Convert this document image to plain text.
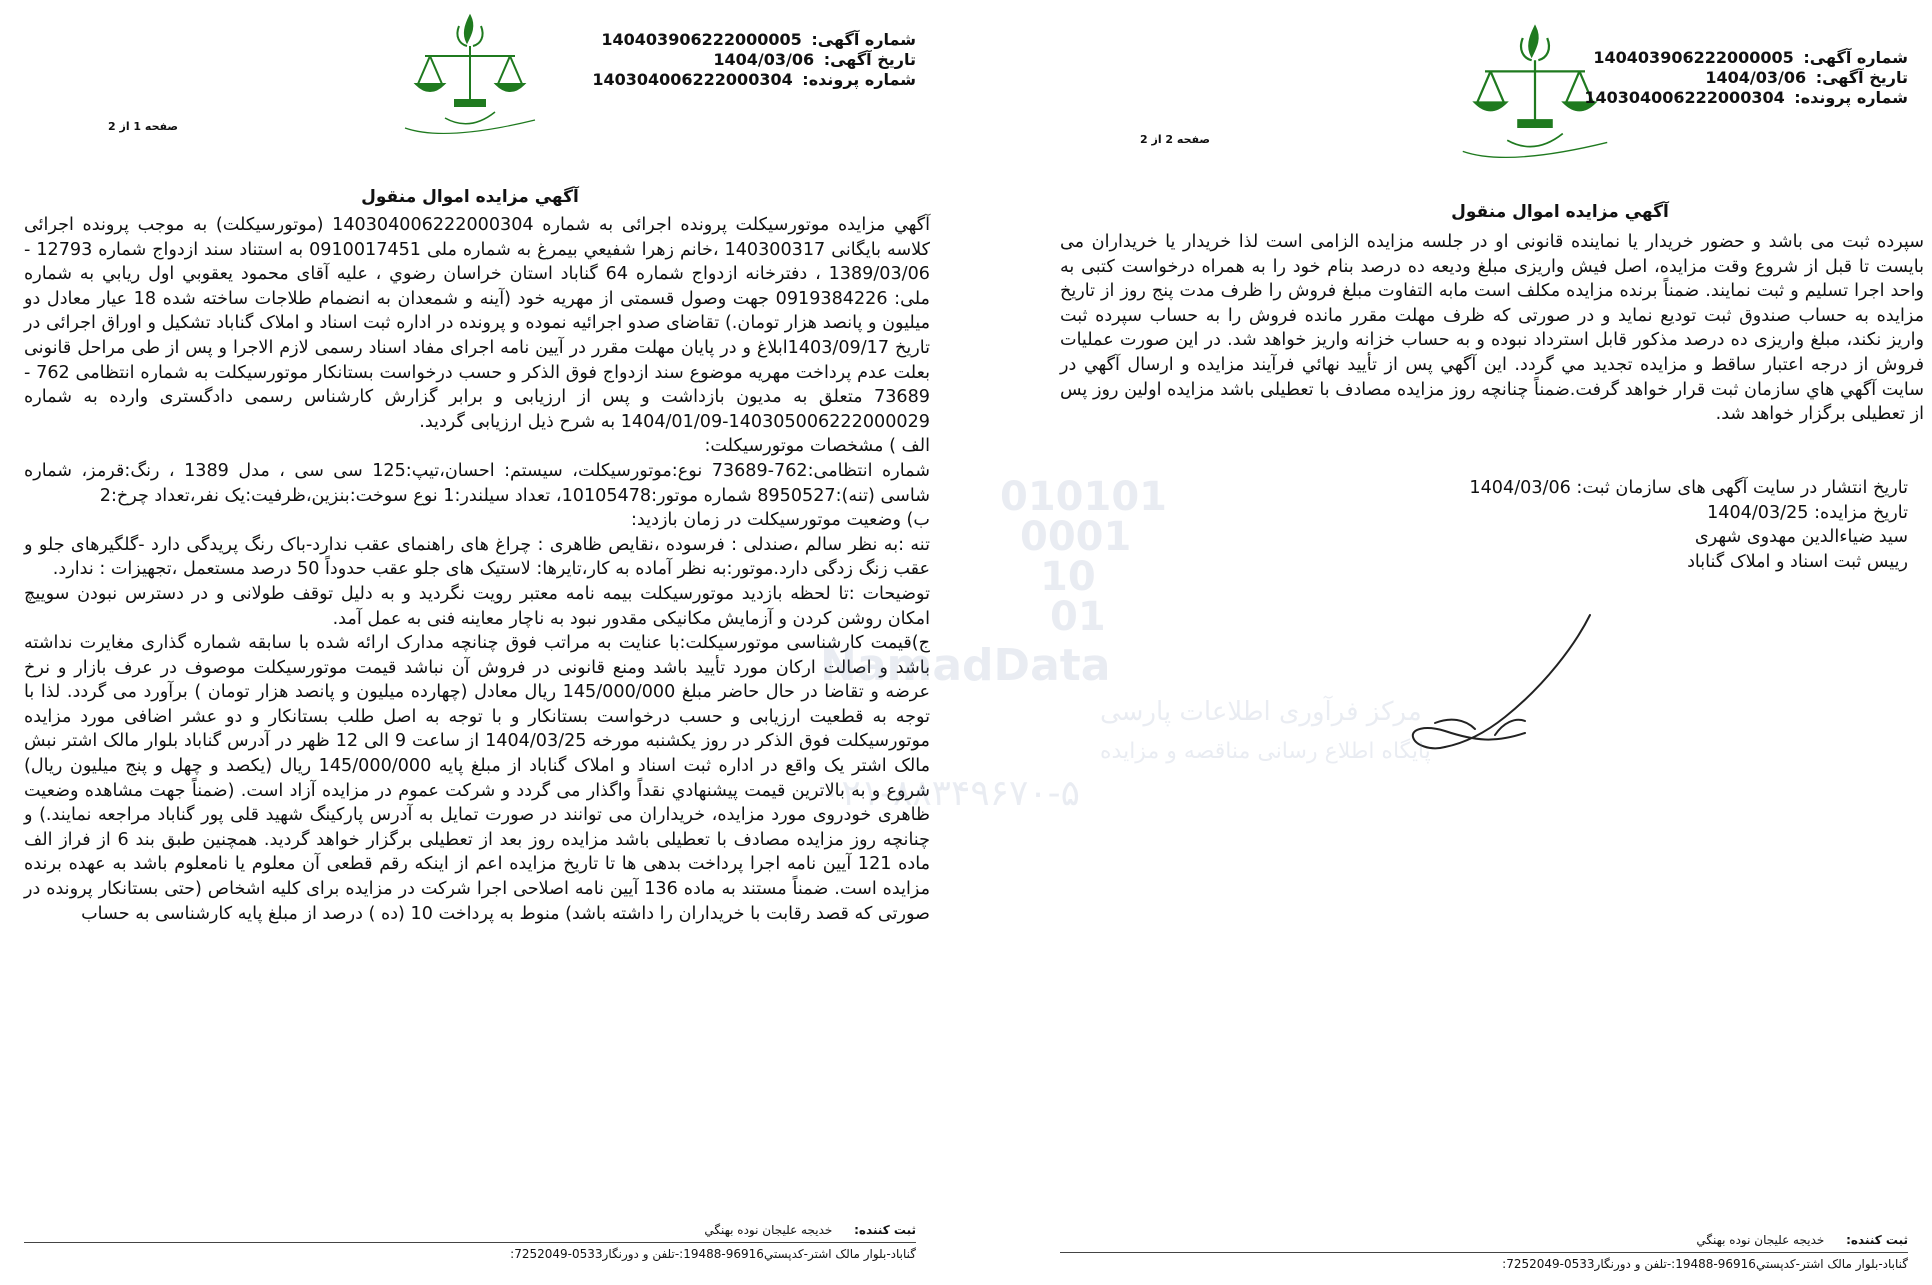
شماره آگهی: 140403906222000005
تاریخ آگهی: 1404/03/06
شماره پرونده: 140304006222000304
صفحه 1 از 2
آگهي مزايده اموال منقول

آگهي مزايده موتورسيکلت پرونده اجرائی به شماره 140304006222000304 (موتورسيکلت) به موجب پرونده اجرائی کلاسه بايگانی 140300317 ،خانم زهرا شفيعي بيمرغ به شماره ملی 0910017451 به استناد سند ازدواج شماره 12793 - 1389/03/06 ، دفترخانه ازدواج شماره 64 گناباد استان خراسان رضوي ، عليه آقای محمود يعقوبي اول ريابي به شماره ملی: 0919384226 جهت وصول قسمتی از مهريه خود (آينه و شمعدان به انضمام طلاجات ساخته شده 18 عيار معادل دو ميليون و پانصد هزار تومان.) تقاضای صدو اجرائيه نموده و پرونده در اداره ثبت اسناد و املاک گناباد تشکيل و اوراق اجرائی در تاريخ 1403/09/17ابلاغ و در پايان مهلت مقرر در آيين نامه اجرای مفاد اسناد رسمی لازم الاجرا و پس از طی مراحل قانونی بعلت عدم پرداخت مهريه موضوع سند ازدواج فوق الذکر و حسب درخواست بستانکار موتورسيکلت به شماره انتظامی 762 - 73689 متعلق به مديون بازداشت و پس از ارزيابی و برابر گزارش کارشناس رسمی دادگستری وارده به شماره 140305006222000029-1404/01/09 به شرح ذيل ارزيابی گرديد.

الف ) مشخصات موتورسيکلت:

شماره انتظامی:762-73689 نوع:موتورسيکلت، سيستم: احسان،تيپ:125 سی سی ، مدل 1389 ، رنگ:قرمز، شماره شاسی (تنه):8950527 شماره موتور:10105478، تعداد سيلندر:1 نوع سوخت:بنزين،ظرفيت:يک نفر،تعداد چرخ:2

ب) وضعيت موتورسيکلت در زمان بازديد:

تنه :به نظر سالم ،صندلی : فرسوده ،نقايص ظاهری : چراغ های راهنمای عقب ندارد-باک رنگ پريدگی دارد -گلگيرهای جلو و عقب زنگ زدگی دارد.موتور:به نظر آماده به کار،تايرها: لاستيک های جلو عقب حدوداً 50 درصد مستعمل ،تجهيزات : ندارد.

توضيحات :تا لحظه بازديد موتورسيکلت بيمه نامه معتبر رويت نگرديد و به دليل توقف طولانی و در دسترس نبودن سوييچ امکان روشن کردن و آزمايش مکانيکی مقدور نبود به ناچار معاينه فنی به عمل آمد.

ج)قيمت کارشناسی موتورسيکلت:با عنايت به مراتب فوق چنانچه مدارک ارائه شده با سابقه شماره گذاری مغايرت نداشته باشد و اصالت ارکان مورد تأييد باشد ومنع قانونی در فروش آن نباشد قيمت موتورسيکلت موصوف در عرف بازار و نرخ عرضه و تقاضا در حال حاضر مبلغ 145/000/000 ريال معادل (چهارده ميليون و پانصد هزار تومان ) برآورد می گردد. لذا با توجه به قطعيت ارزيابی و حسب درخواست بستانکار و با توجه به اصل طلب بستانکار و دو عشر اضافی مورد مزايده موتورسيکلت فوق الذکر در روز يکشنبه مورخه 1404/03/25 از ساعت 9 الی 12 ظهر در آدرس گناباد بلوار مالک اشتر نبش مالک اشتر يک واقع در اداره ثبت اسناد و املاک گناباد از مبلغ پايه 145/000/000 ريال (يکصد و چهل و پنج ميليون ريال) شروع و به بالاترين قيمت پيشنهادي نقداً واگذار می گردد و شرکت عموم در مزايده آزاد است. (ضمناً جهت مشاهده وضعيت ظاهری خودروی مورد مزايده، خريداران می توانند در صورت تمايل به آدرس پارکينگ شهيد قلی پور گناباد مراجعه نمايند.) و چنانچه روز مزايده مصادف با تعطيلی باشد مزايده روز بعد از تعطيلی برگزار خواهد گرديد. همچنين طبق بند 6 از فراز الف ماده 121 آيين نامه اجرا پرداخت بدهی ها تا تاريخ مزايده اعم از اينکه رقم قطعی آن معلوم يا نامعلوم باشد به عهده برنده مزايده است. ضمناً مستند به ماده 136 آيين نامه اصلاحی اجرا شرکت در مزايده برای کليه اشخاص (حتی بستانکار پرونده در صورتی که قصد رقابت با خريداران را داشته باشد) منوط به پرداخت 10 (ده ) درصد از مبلغ پايه کارشناسی به حساب

ثبت کننده: خديجه عليجان نوده بهنگي
گناباد-بلوار مالک اشتر-کدپستي96916-19488:-تلفن و دورنگار0533-7252049:
شماره آگهی: 140403906222000005
تاریخ آگهی: 1404/03/06
شماره پرونده: 140304006222000304
صفحه 2 از 2
آگهي مزايده اموال منقول

سپرده ثبت می باشد و حضور خريدار يا نماينده قانونی او در جلسه مزايده الزامی است لذا خريدار يا خريداران می بايست تا قبل از شروع وقت مزايده، اصل فيش واريزی مبلغ وديعه ده درصد بنام خود را به همراه درخواست کتبی به واحد اجرا تسليم و ثبت نمايند. ضمناً برنده مزايده مکلف است مابه التفاوت مبلغ فروش را ظرف مدت پنج روز از تاريخ مزايده به حساب صندوق ثبت توديع نمايد و در صورتی که ظرف مهلت مقرر مانده فروش را به حساب سپرده ثبت واريز نکند، مبلغ واريزی ده درصد مذکور قابل استرداد نبوده و به حساب خزانه واريز خواهد شد. در اين صورت عمليات فروش از درجه اعتبار ساقط و مزايده تجديد مي گردد. اين آگهي پس از تأييد نهائي فرآيند مزايده و ارسال آگهي در سايت آگهي هاي سازمان ثبت قرار خواهد گرفت.ضمناً چنانچه روز مزايده مصادف با تعطيلی باشد مزايده اولين روز پس از تعطيلی برگزار خواهد شد.

تاريخ انتشار در سايت آگهی های سازمان ثبت: 1404/03/06
تاريخ مزايده: 1404/03/25
سيد ضياءالدين مهدوی شهری
رييس ثبت اسناد و املاک گناباد
ثبت کننده: خديجه عليجان نوده بهنگي
گناباد-بلوار مالک اشتر-کدپستي96916-19488:-تلفن و دورنگار0533-7252049:
010101
0001
10
01
NamadData
مرکز فرآوری اطلاعات پارسی
پایگاه اطلاع رسانی مناقصه و مزایده
۰۲۱-۸۸۳۴۹۶۷۰-۵
